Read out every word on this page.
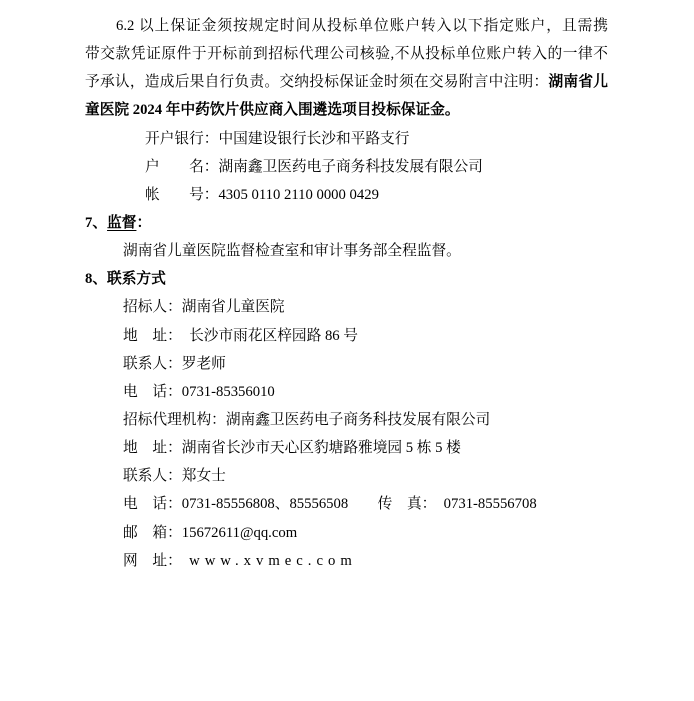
6.2 以上保证金须按规定时间从投标单位账户转入以下指定账户，且需携
带交款凭证原件于开标前到招标代理公司核验,不从投标单位账户转入的一律不
予承认，造成后果自行负责。交纳投标保证金时须在交易附言中注明：湖南省儿
童医院 2024 年中药饮片供应商入围遴选项目投标保证金。
开户银行：中国建设银行长沙和平路支行
户　　名：湖南鑫卫医药电子商务科技发展有限公司
帐　　号：4305 0110 2110 0000 0429
7、监督：
湖南省儿童医院监督检查室和审计事务部全程监督。
8、联系方式
招标人：湖南省儿童医院
地　址：　长沙市雨花区梓园路 86 号
联系人：罗老师
电　话：0731-85356010
招标代理机构：湖南鑫卫医药电子商务科技发展有限公司
地　址：湖南省长沙市天心区豹塘路雅境园 5 栋 5 楼
联系人：郑女士
电　话：0731-85556808、85556508　　传　真：　0731-85556708
邮　箱：15672611@qq.com
网　址：　www.xvmec.com
